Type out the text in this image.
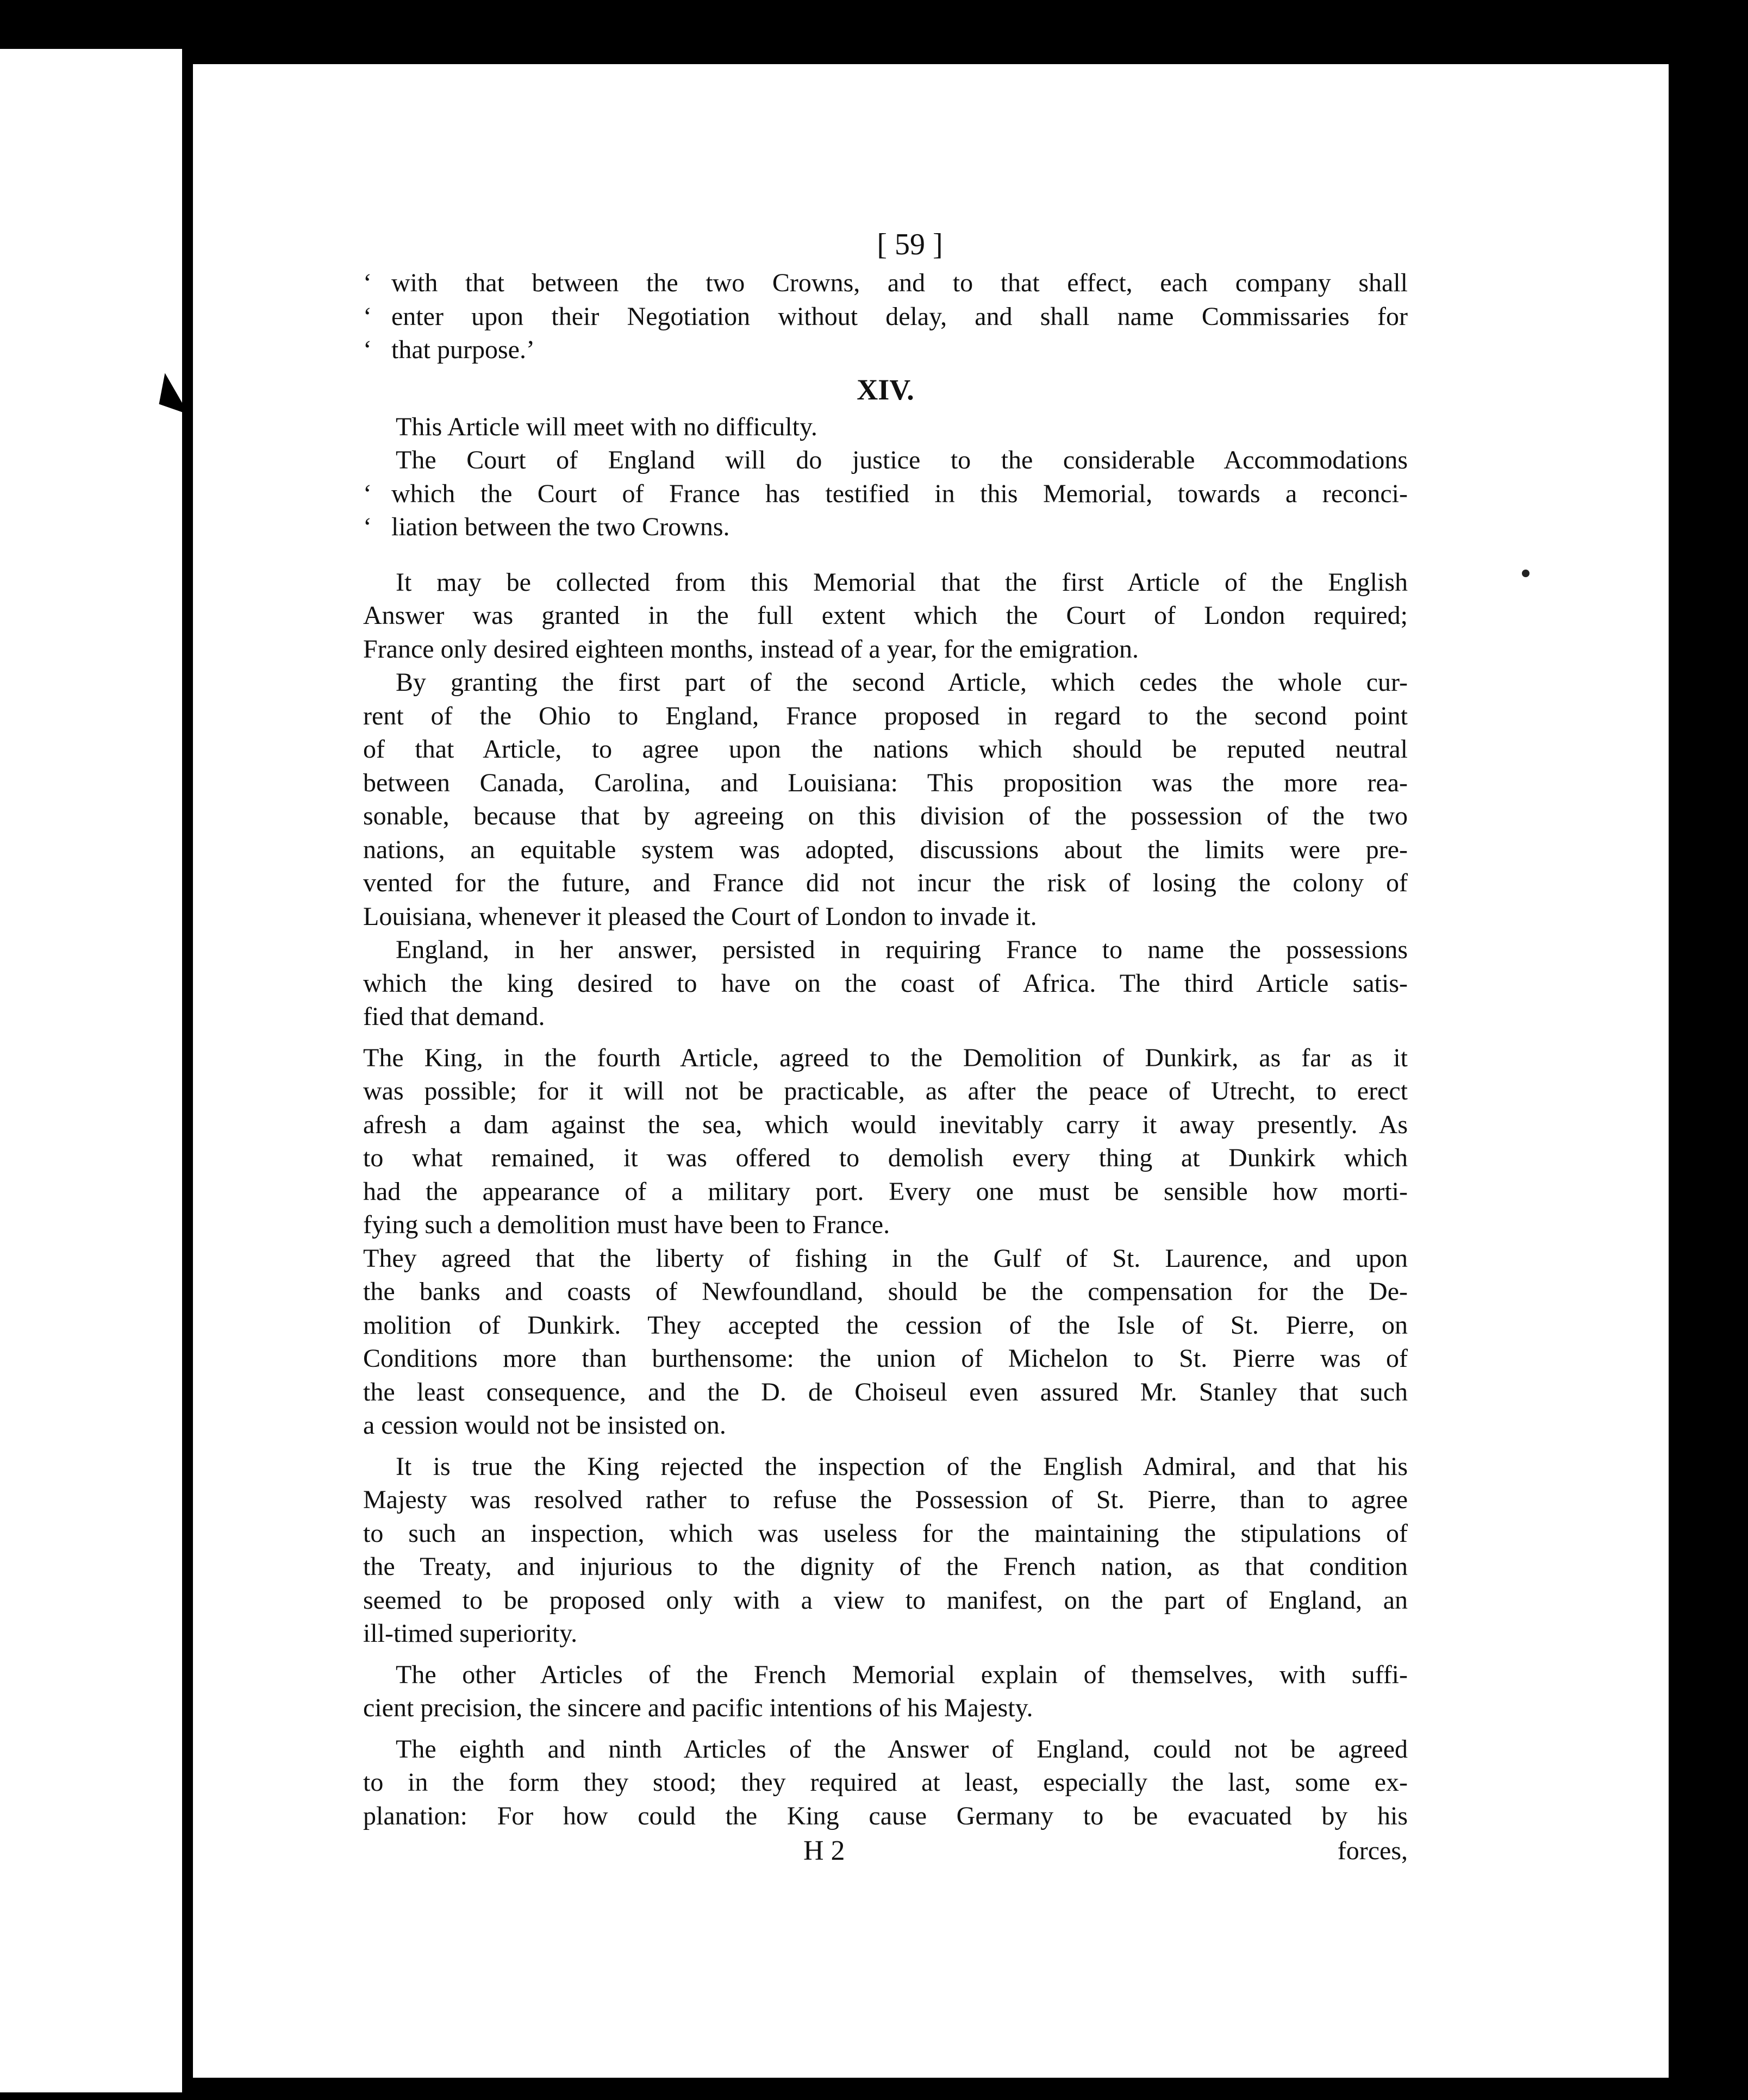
[ 59 ]

‘ with that between the two Crowns, and to that effect, each company shall

‘ enter upon their Negotiation without delay, and shall name Commissaries for

‘ that purpose.’

XIV.

This Article will meet with no difficulty.

The Court of England will do justice to the considerable Accommodations

‘ which the Court of France has testified in this Memorial, towards a reconci-

‘ liation between the two Crowns.

It may be collected from this Memorial that the first Article of the English

Answer was granted in the full extent which the Court of London required;

France only desired eighteen months, instead of a year, for the emigration.

By granting the first part of the second Article, which cedes the whole cur-

rent of the Ohio to England, France proposed in regard to the second point

of that Article, to agree upon the nations which should be reputed neutral

between Canada, Carolina, and Louisiana: This proposition was the more rea-

sonable, because that by agreeing on this division of the possession of the two

nations, an equitable system was adopted, discussions about the limits were pre-

vented for the future, and France did not incur the risk of losing the colony of

Louisiana, whenever it pleased the Court of London to invade it.

England, in her answer, persisted in requiring France to name the possessions

which the king desired to have on the coast of Africa. The third Article satis-

fied that demand.

The King, in the fourth Article, agreed to the Demolition of Dunkirk, as far as it

was possible; for it will not be practicable, as after the peace of Utrecht, to erect

afresh a dam against the sea, which would inevitably carry it away presently. As

to what remained, it was offered to demolish every thing at Dunkirk which

had the appearance of a military port. Every one must be sensible how morti-

fying such a demolition must have been to France.

They agreed that the liberty of fishing in the Gulf of St. Laurence, and upon

the banks and coasts of Newfoundland, should be the compensation for the De-

molition of Dunkirk. They accepted the cession of the Isle of St. Pierre, on

Conditions more than burthensome: the union of Michelon to St. Pierre was of

the least consequence, and the D. de Choiseul even assured Mr. Stanley that such

a cession would not be insisted on.

It is true the King rejected the inspection of the English Admiral, and that his

Majesty was resolved rather to refuse the Possession of St. Pierre, than to agree

to such an inspection, which was useless for the maintaining the stipulations of

the Treaty, and injurious to the dignity of the French nation, as that condition

seemed to be proposed only with a view to manifest, on the part of England, an

ill-timed superiority.

The other Articles of the French Memorial explain of themselves, with suffi-

cient precision, the sincere and pacific intentions of his Majesty.

The eighth and ninth Articles of the Answer of England, could not be agreed

to in the form they stood; they required at least, especially the last, some ex-

planation: For how could the King cause Germany to be evacuated by his

H 2	forces,
